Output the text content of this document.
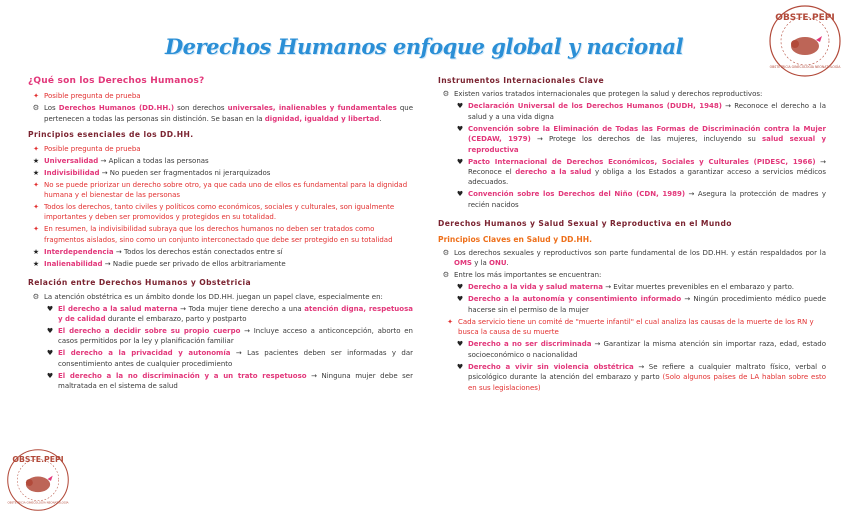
Derechos Humanos enfoque global y nacional
OBSTE.PEPI
OBSTETRICIA GINECOLOGÍA NEONATOLOGÍA
OBSTE.PEPI
OBSTETRICIA GINECOLOGÍA NEONATOLOGÍA
¿Qué son los Derechos Humanos?
✦ Posible pregunta de prueba
⚙ Los Derechos Humanos (DD.HH.) son derechos universales, inalienables y fundamentales que pertenecen a todas las personas sin distinción. Se basan en la dignidad, igualdad y libertad.
Principios esenciales de los DD.HH.
✦ Posible pregunta de prueba
★ Universalidad → Aplican a todas las personas
★ Indivisibilidad → No pueden ser fragmentados ni jerarquizados
✦ No se puede priorizar un derecho sobre otro, ya que cada uno de ellos es fundamental para la dignidad humana y el bienestar de las personas
✦ Todos los derechos, tanto civiles y políticos como económicos, sociales y culturales, son igualmente importantes y deben ser promovidos y protegidos en su totalidad.
✦ En resumen, la indivisibilidad subraya que los derechos humanos no deben ser tratados como fragmentos aislados, sino como un conjunto interconectado que debe ser protegido en su totalidad
★ Interdependencia → Todos los derechos están conectados entre sí
★ Inalienabilidad → Nadie puede ser privado de ellos arbitrariamente
Relación entre Derechos Humanos y Obstetricia
⚙ La atención obstétrica es un ámbito donde los DD.HH. juegan un papel clave, especialmente en:
♥ El derecho a la salud materna → Toda mujer tiene derecho a una atención digna, respetuosa y de calidad durante el embarazo, parto y postparto
♥ El derecho a decidir sobre su propio cuerpo → Incluye acceso a anticoncepción, aborto en casos permitidos por la ley y planificación familiar
♥ El derecho a la privacidad y autonomía → Las pacientes deben ser informadas y dar consentimiento antes de cualquier procedimiento
♥ El derecho a la no discriminación y a un trato respetuoso → Ninguna mujer debe ser maltratada en el sistema de salud
Instrumentos Internacionales Clave
⚙ Existen varios tratados internacionales que protegen la salud y derechos reproductivos:
♥ Declaración Universal de los Derechos Humanos (DUDH, 1948) → Reconoce el derecho a la salud y a una vida digna
♥ Convención sobre la Eliminación de Todas las Formas de Discriminación contra la Mujer (CEDAW, 1979) → Protege los derechos de las mujeres, incluyendo su salud sexual y reproductiva
♥ Pacto Internacional de Derechos Económicos, Sociales y Culturales (PIDESC, 1966) → Reconoce el derecho a la salud y obliga a los Estados a garantizar acceso a servicios médicos adecuados.
♥ Convención sobre los Derechos del Niño (CDN, 1989) → Asegura la protección de madres y recién nacidos
Derechos Humanos y Salud Sexual y Reproductiva en el Mundo
Principios Claves en Salud y DD.HH.
⚙ Los derechos sexuales y reproductivos son parte fundamental de los DD.HH. y están respaldados por la OMS y la ONU.
⚙ Entre los más importantes se encuentran:
♥ Derecho a la vida y salud materna → Evitar muertes prevenibles en el embarazo y parto.
♥ Derecho a la autonomía y consentimiento informado → Ningún procedimiento médico puede hacerse sin el permiso de la mujer
✦ Cada servicio tiene un comité de "muerte infantil" el cual analiza las causas de la muerte de los RN y busca la causa de su muerte
♥ Derecho a no ser discriminada → Garantizar la misma atención sin importar raza, edad, estado socioeconómico o nacionalidad
♥ Derecho a vivir sin violencia obstétrica → Se refiere a cualquier maltrato físico, verbal o psicológico durante la atención del embarazo y parto (Solo algunos países de LA hablan sobre esto en sus legislaciones)
